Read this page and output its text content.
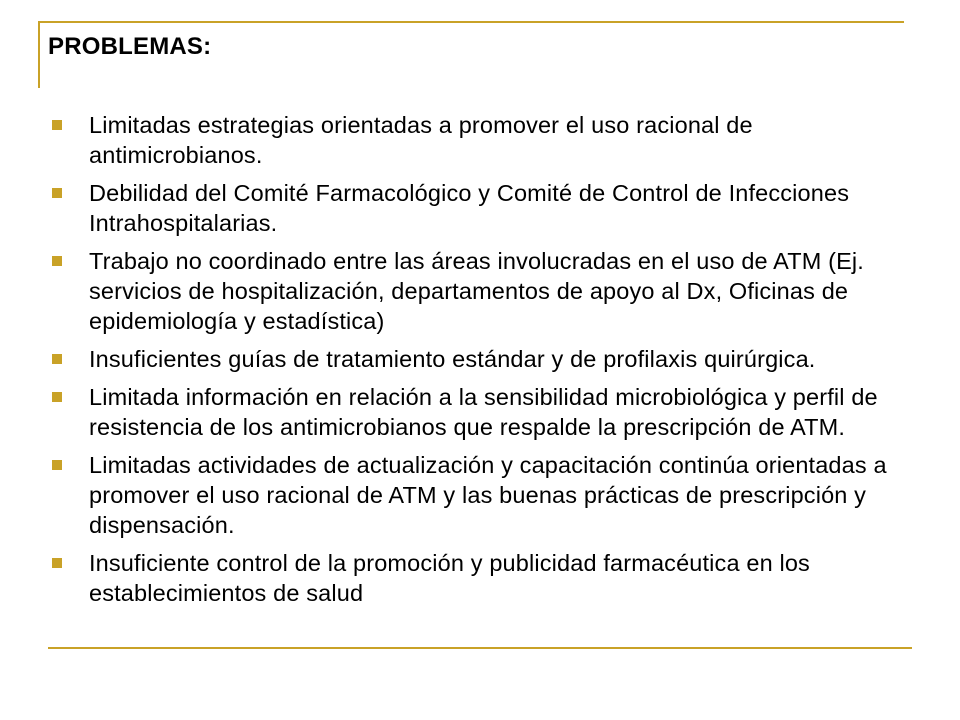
PROBLEMAS:
Limitadas estrategias orientadas a promover el uso racional de antimicrobianos.
Debilidad del Comité Farmacológico y Comité de Control de Infecciones Intrahospitalarias.
Trabajo no coordinado entre las áreas involucradas en el uso de ATM (Ej. servicios de hospitalización, departamentos de apoyo al Dx, Oficinas de epidemiología y estadística)
Insuficientes guías de tratamiento estándar y de profilaxis quirúrgica.
Limitada información en relación a la sensibilidad microbiológica y perfil de resistencia de los antimicrobianos que respalde la prescripción de ATM.
Limitadas actividades de actualización y capacitación continúa orientadas a promover el uso racional de ATM y las buenas prácticas de prescripción y dispensación.
Insuficiente control de la promoción y publicidad farmacéutica en los establecimientos de salud
